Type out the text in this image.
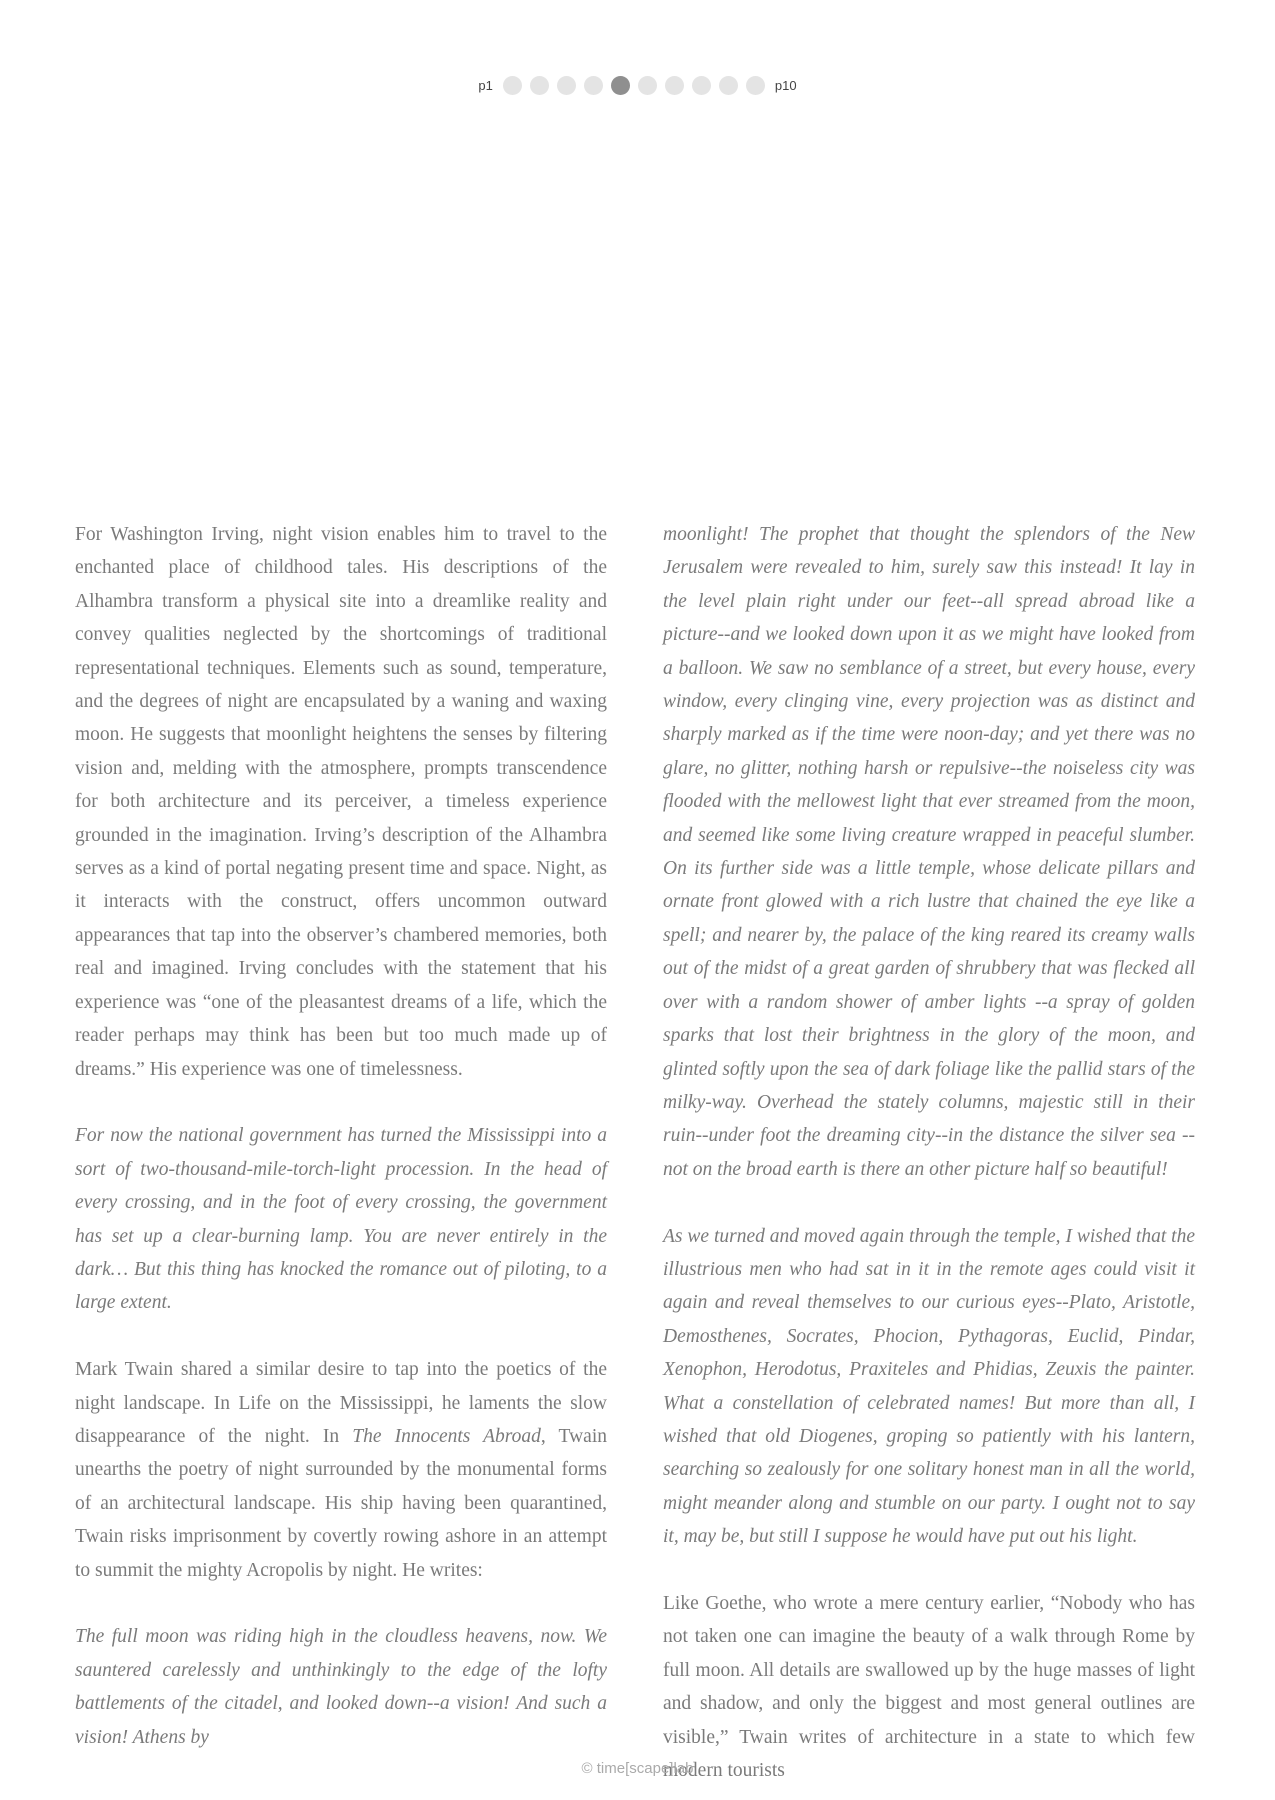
p1	p10

For Washington Irving, night vision enables him to travel to the enchanted place of childhood tales. His descriptions of the Alhambra transform a physical site into a dreamlike reality and convey qualities neglected by the shortcomings of traditional representational techniques. Elements such as sound, temperature, and the degrees of night are encapsulated by a waning and waxing moon. He suggests that moonlight heightens the senses by filtering vision and, melding with the atmosphere, prompts transcendence for both architecture and its perceiver, a timeless experience grounded in the imagination. Irving’s description of the Alhambra serves as a kind of portal negating present time and space. Night, as it interacts with the construct, offers uncommon outward appearances that tap into the observer’s chambered memories, both real and imagined. Irving concludes with the statement that his experience was “one of the pleasantest dreams of a life, which the reader perhaps may think has been but too much made up of dreams.” His experience was one of timelessness.

For now the national government has turned the Mississippi into a sort of two-thousand-mile-torch-light procession. In the head of every crossing, and in the foot of every crossing, the government has set up a clear-burning lamp. You are never entirely in the dark… But this thing has knocked the romance out of piloting, to a large extent.

Mark Twain shared a similar desire to tap into the poetics of the night landscape. In Life on the Mississippi, he laments the slow disappearance of the night. In The Innocents Abroad, Twain unearths the poetry of night surrounded by the monumental forms of an architectural landscape. His ship having been quarantined, Twain risks imprisonment by covertly rowing ashore in an attempt to summit the mighty Acropolis by night. He writes:

The full moon was riding high in the cloudless heavens, now. We sauntered carelessly and unthinkingly to the edge of the lofty battlements of the citadel, and looked down--a vision! And such a vision! Athens by

moonlight! The prophet that thought the splendors of the New Jerusalem were revealed to him, surely saw this instead! It lay in the level plain right under our feet--all spread abroad like a picture--and we looked down upon it as we might have looked from a balloon. We saw no semblance of a street, but every house, every window, every clinging vine, every projection was as distinct and sharply marked as if the time were noon-day; and yet there was no glare, no glitter, nothing harsh or repulsive--the noiseless city was flooded with the mellowest light that ever streamed from the moon, and seemed like some living creature wrapped in peaceful slumber. On its further side was a little temple, whose delicate pillars and ornate front glowed with a rich lustre that chained the eye like a spell; and nearer by, the palace of the king reared its creamy walls out of the midst of a great garden of shrubbery that was flecked all over with a random shower of amber lights --a spray of golden sparks that lost their brightness in the glory of the moon, and glinted softly upon the sea of dark foliage like the pallid stars of the milky-way. Overhead the stately columns, majestic still in their ruin--under foot the dreaming city--in the distance the silver sea --not on the broad earth is there an other picture half so beautiful!

As we turned and moved again through the temple, I wished that the illustrious men who had sat in it in the remote ages could visit it again and reveal themselves to our curious eyes--Plato, Aristotle, Demosthenes, Socrates, Phocion, Pythagoras, Euclid, Pindar, Xenophon, Herodotus, Praxiteles and Phidias, Zeuxis the painter. What a constellation of celebrated names! But more than all, I wished that old Diogenes, groping so patiently with his lantern, searching so zealously for one solitary honest man in all the world, might meander along and stumble on our party. I ought not to say it, may be, but still I suppose he would have put out his light.

Like Goethe, who wrote a mere century earlier, “Nobody who has not taken one can imagine the beauty of a walk through Rome by full moon. All details are swallowed up by the huge masses of light and shadow, and only the biggest and most general outlines are visible,” Twain writes of architecture in a state to which few modern tourists

© time[scape]lab
